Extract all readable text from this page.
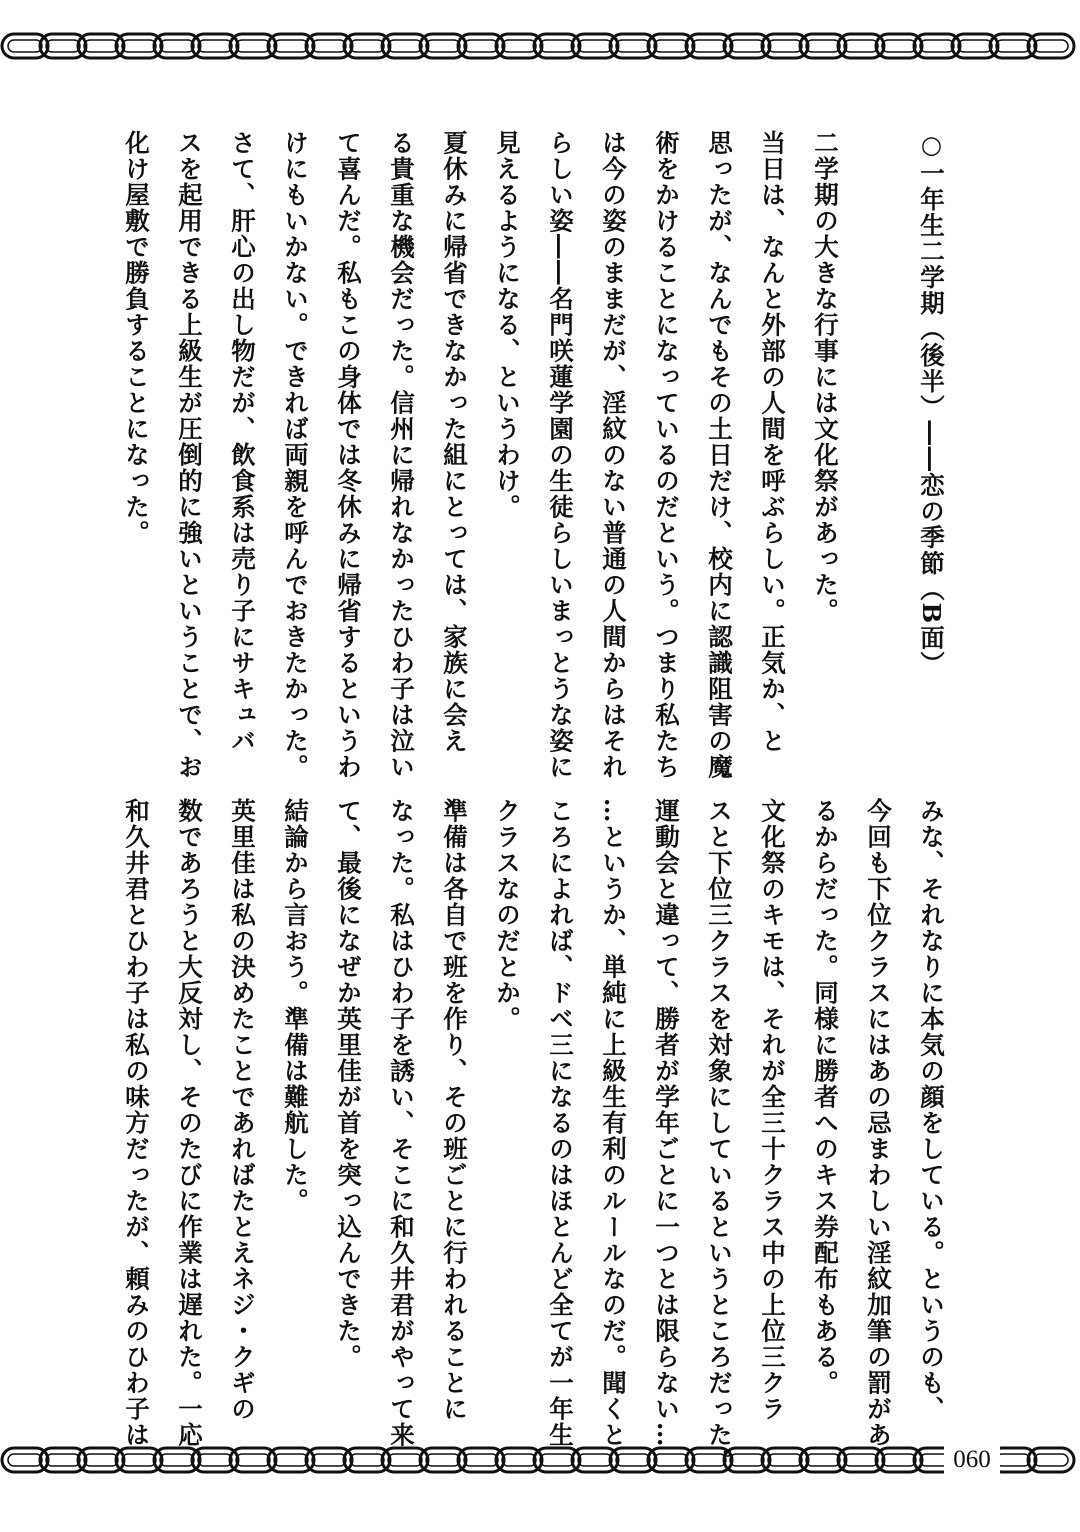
060
○一年生二学期（後半）――恋の季節（B面）
二学期の大きな行事には文化祭があった。
当日は、なんと外部の人間を呼ぶらしい。正気か、と
思ったが、なんでもその土日だけ、校内に認識阻害の魔
術をかけることになっているのだという。つまり私たち
は今の姿のままだが、淫紋のない普通の人間からはそれ
らしい姿――名門咲蓮学園の生徒らしいまっとうな姿に
見えるようになる、というわけ。
夏休みに帰省できなかった組にとっては、家族に会え
る貴重な機会だった。信州に帰れなかったひわ子は泣い
て喜んだ。私もこの身体では冬休みに帰省するというわ
けにもいかない。できれば両親を呼んでおきたかった。
さて、肝心の出し物だが、飲食系は売り子にサキュバ
スを起用できる上級生が圧倒的に強いということで、お
化け屋敷で勝負することになった。
みな、それなりに本気の顔をしている。というのも、
今回も下位クラスにはあの忌まわしい淫紋加筆の罰があ
るからだった。同様に勝者へのキス券配布もある。
文化祭のキモは、それが全三十クラス中の上位三クラ
スと下位三クラスを対象にしているというところだった。
運動会と違って、勝者が学年ごとに一つとは限らない…
…というか、単純に上級生有利のルールなのだ。聞くと
ころによれば、ドベ三になるのはほとんど全てが一年生
クラスなのだとか。
準備は各自で班を作り、その班ごとに行われることに
なった。私はひわ子を誘い、そこに和久井君がやって来
て、最後になぜか英里佳が首を突っ込んできた。
結論から言おう。準備は難航した。
英里佳は私の決めたことであればたとえネジ・クギの
数であろうと大反対し、そのたびに作業は遅れた。一応、
和久井君とひわ子は私の味方だったが、頼みのひわ子は
